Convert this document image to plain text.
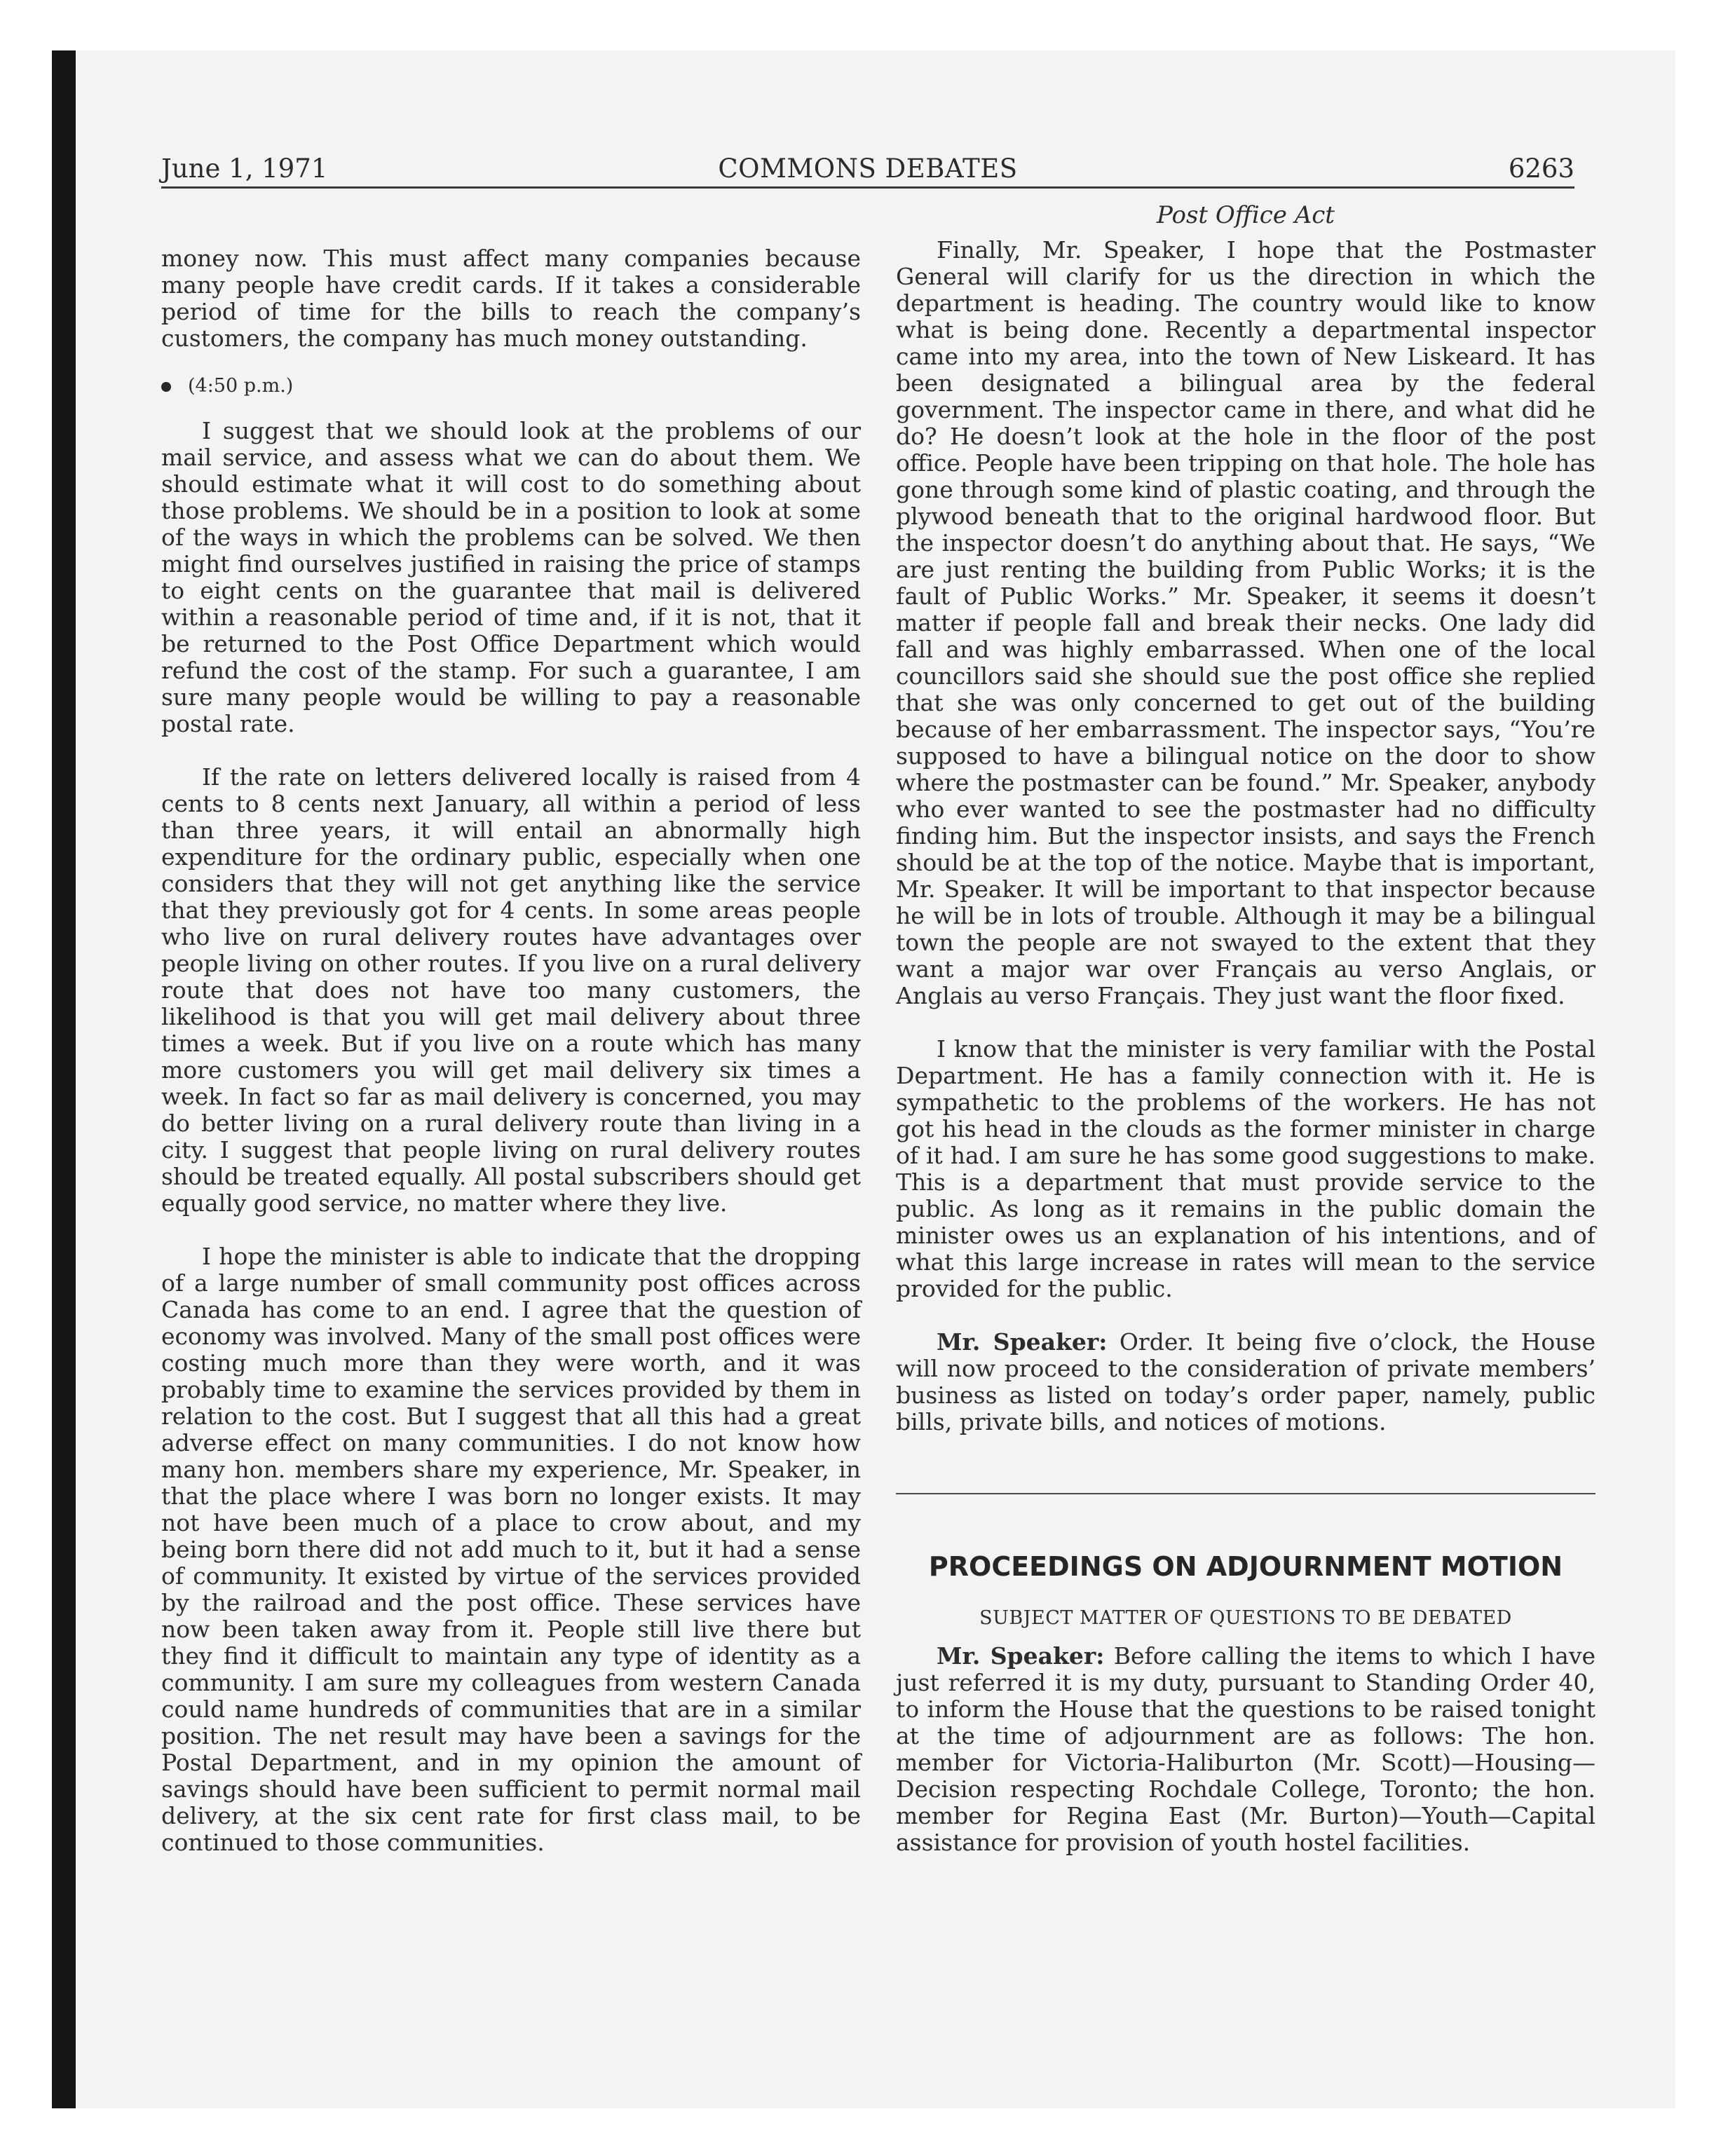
June 1, 1971	COMMONS DEBATES	6263

money now. This must affect many companies because many people have credit cards. If it takes a considerable period of time for the bills to reach the company’s customers, the company has much money outstanding.

(4:50 p.m.)

I suggest that we should look at the problems of our mail service, and assess what we can do about them. We should estimate what it will cost to do something about those problems. We should be in a position to look at some of the ways in which the problems can be solved. We then might find ourselves justified in raising the price of stamps to eight cents on the guarantee that mail is delivered within a reasonable period of time and, if it is not, that it be returned to the Post Office Department which would refund the cost of the stamp. For such a guarantee, I am sure many people would be willing to pay a reasonable postal rate.

If the rate on letters delivered locally is raised from 4 cents to 8 cents next January, all within a period of less than three years, it will entail an abnormally high expenditure for the ordinary public, especially when one considers that they will not get anything like the service that they previously got for 4 cents. In some areas people who live on rural delivery routes have advantages over people living on other routes. If you live on a rural delivery route that does not have too many customers, the likelihood is that you will get mail delivery about three times a week. But if you live on a route which has many more customers you will get mail delivery six times a week. In fact so far as mail delivery is concerned, you may do better living on a rural delivery route than living in a city. I suggest that people living on rural delivery routes should be treated equally. All postal subscribers should get equally good service, no matter where they live.

I hope the minister is able to indicate that the dropping of a large number of small community post offices across Canada has come to an end. I agree that the question of economy was involved. Many of the small post offices were costing much more than they were worth, and it was probably time to examine the services provided by them in relation to the cost. But I suggest that all this had a great adverse effect on many communities. I do not know how many hon. members share my experience, Mr. Speaker, in that the place where I was born no longer exists. It may not have been much of a place to crow about, and my being born there did not add much to it, but it had a sense of community. It existed by virtue of the services provided by the railroad and the post office. These services have now been taken away from it. People still live there but they find it difficult to maintain any type of identity as a community. I am sure my colleagues from western Canada could name hundreds of communities that are in a similar position. The net result may have been a savings for the Postal Department, and in my opinion the amount of savings should have been sufficient to permit normal mail delivery, at the six cent rate for first class mail, to be continued to those communities.

Post Office Act

Finally, Mr. Speaker, I hope that the Postmaster General will clarify for us the direction in which the department is heading. The country would like to know what is being done. Recently a departmental inspector came into my area, into the town of New Liskeard. It has been designated a bilingual area by the federal government. The inspector came in there, and what did he do? He doesn’t look at the hole in the floor of the post office. People have been tripping on that hole. The hole has gone through some kind of plastic coating, and through the plywood beneath that to the original hardwood floor. But the inspector doesn’t do anything about that. He says, “We are just renting the building from Public Works; it is the fault of Public Works.” Mr. Speaker, it seems it doesn’t matter if people fall and break their necks. One lady did fall and was highly embarrassed. When one of the local councillors said she should sue the post office she replied that she was only concerned to get out of the building because of her embarrassment. The inspector says, “You’re supposed to have a bilingual notice on the door to show where the postmaster can be found.” Mr. Speaker, anybody who ever wanted to see the postmaster had no difficulty finding him. But the inspector insists, and says the French should be at the top of the notice. Maybe that is important, Mr. Speaker. It will be important to that inspector because he will be in lots of trouble. Although it may be a bilingual town the people are not swayed to the extent that they want a major war over Français au verso Anglais, or Anglais au verso Français. They just want the floor fixed.

I know that the minister is very familiar with the Postal Department. He has a family connection with it. He is sympathetic to the problems of the workers. He has not got his head in the clouds as the former minister in charge of it had. I am sure he has some good suggestions to make. This is a department that must provide service to the public. As long as it remains in the public domain the minister owes us an explanation of his intentions, and of what this large increase in rates will mean to the service provided for the public.

Mr. Speaker: Order. It being five o’clock, the House will now proceed to the consideration of private members’ business as listed on today’s order paper, namely, public bills, private bills, and notices of motions.

PROCEEDINGS ON ADJOURNMENT MOTION
SUBJECT MATTER OF QUESTIONS TO BE DEBATED

Mr. Speaker: Before calling the items to which I have just referred it is my duty, pursuant to Standing Order 40, to inform the House that the questions to be raised tonight at the time of adjournment are as follows: The hon. member for Victoria-Haliburton (Mr. Scott)—Housing—Decision respecting Rochdale College, Toronto; the hon. member for Regina East (Mr. Burton)—Youth—Capital assistance for provision of youth hostel facilities.
